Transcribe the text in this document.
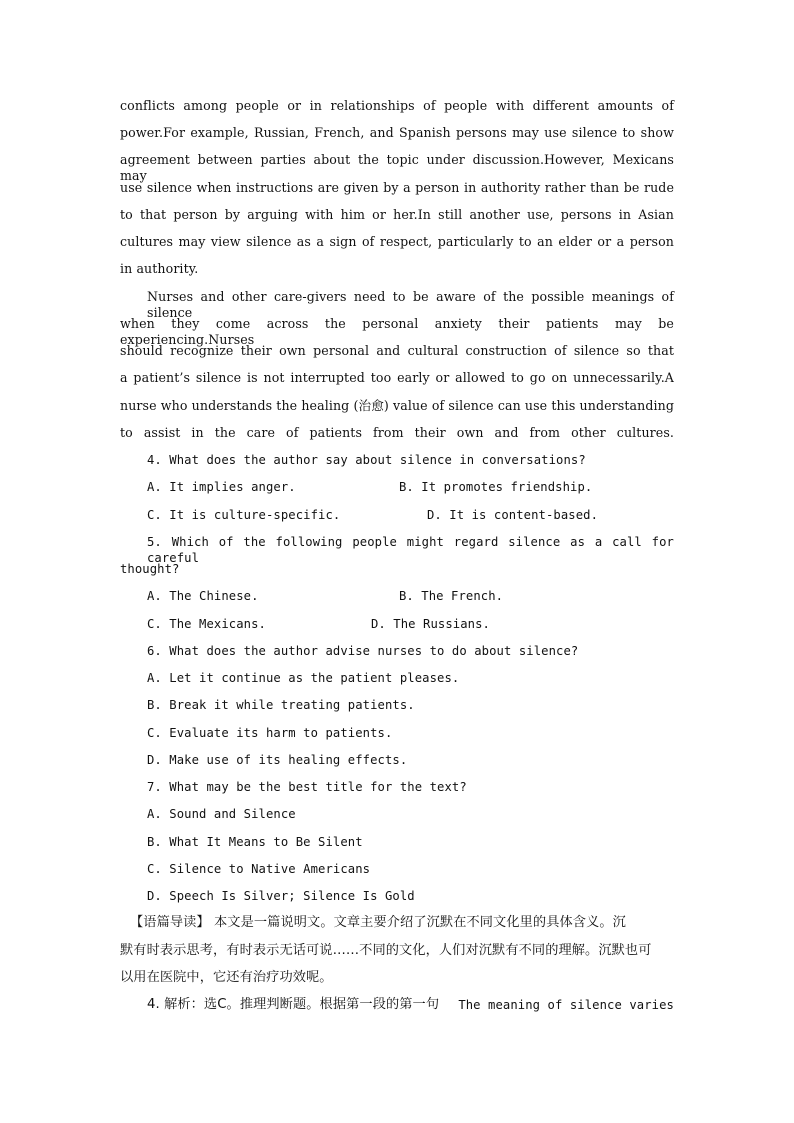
conflicts among people or in relationships of people with different amounts of
power.For example, Russian, French, and Spanish persons may use silence to show
agreement between parties about the topic under discussion.However, Mexicans may
use silence when instructions are given by a person in authority rather than be rude
to that person by arguing with him or her.In still another use, persons in Asian
cultures may view silence as a sign of respect, particularly to an elder or a person
in authority.
Nurses and other care-givers need to be aware of the possible meanings of silence
when they come across the personal anxiety their patients may be experiencing.Nurses
should recognize their own personal and cultural construction of silence so that
a patient’s silence is not interrupted too early or allowed to go on unnecessarily.A
nurse who understands the healing (治愈) value of silence can use this understanding
to assist in the care of patients from their own and from other cultures.
4. What does the author say about silence in conversations?
A. It implies anger.	B. It promotes friendship.
C. It is culture-specific.	D. It is content-based.
5. Which of the following people might regard silence as a call for careful
thought?
A. The Chinese.	B. The French.
C. The Mexicans.	D. The Russians.
6. What does the author advise nurses to do about silence?
A. Let it continue as the patient pleases.
B. Break it while treating patients.
C. Evaluate its harm to patients.
D. Make use of its healing effects.
7. What may be the best title for the text?
A. Sound and Silence
B. What It Means to Be Silent
C. Silence to Native Americans
D. Speech Is Silver; Silence Is Gold
【语篇导读】 本文是一篇说明文。文章主要介绍了沉默在不同文化里的具体含义。沉
默有时表示思考，有时表示无话可说……不同的文化，人们对沉默有不同的理解。沉默也可
以用在医院中，它还有治疗功效呢。
4. 解析：选C。推理判断题。根据第一段的第一句 The meaning of silence varies
